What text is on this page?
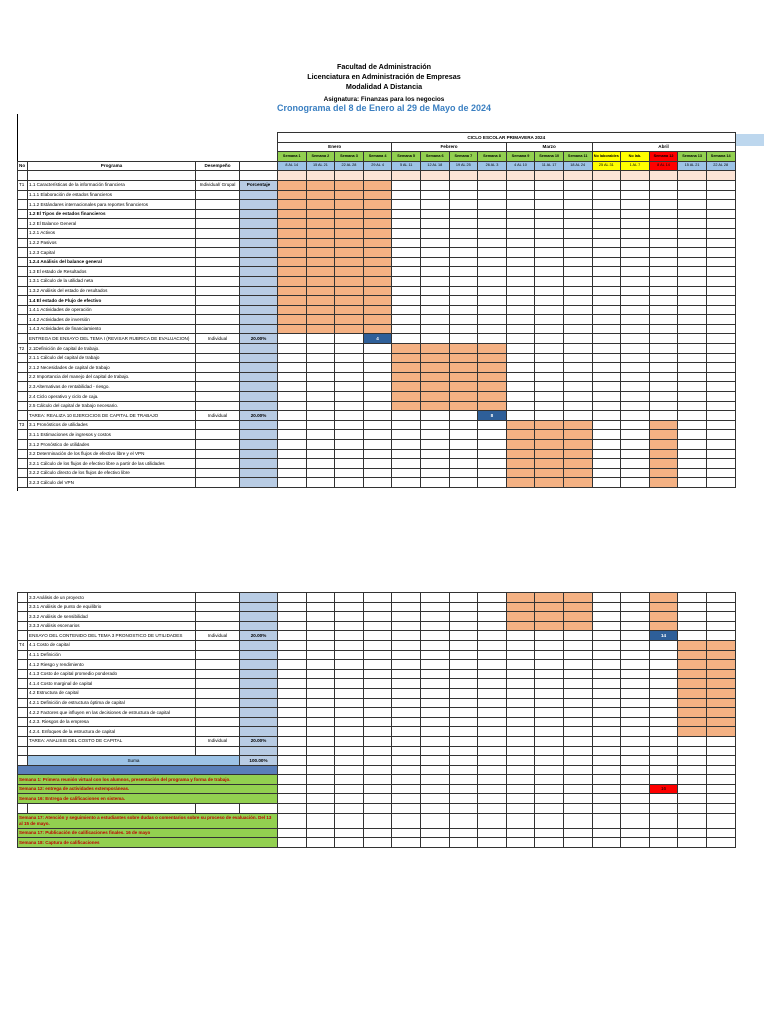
Facultad de Administración
Licenciatura en Administración de Empresas
Modalidad A Distancia
Asignatura: Finanzas para los negocios
Cronograma del 8 de Enero al 29 de Mayo de 2024
				CICLO ESCOLAR PRIMAVERA 2024															
				Enero				Febrero				Marzo			Abril				
				Semana 1	Semana 2	Semana 3	Semana 4	Semana 5	Semana 6	Semana 7	Semana 8	Semana 9	Semana 10	Semana 11	No laborables	No lab.	Semana 12	Semana 13	Semana 14
No	Programa	Desempeño		8 AL 14	15 AL 21	22 AL 28	29 AL 4	5 AL 11	12 AL 18	19 AL 25	26 AL 3	4 AL 10	11 AL 17	18 AL 24	25 AL 31	1 AL 7	8 AL 14	15 AL 21	22 AL 28

T1	1.1 Características de la información financiera	Individual/ Grupal	Porcentaje																
	1.1.1 Elaboración de estados financieros																		
	1.1.2 Estándares internacionales para reportes financieros																		
	1.2 El Tipos de estados financieros																		
	1.2 El Balance General																		
	1.2.1 Activos																		
	1.2.2 Pasivos																		
	1.2.3 Capital																		
	1.2.4 Análisis del balance general																		
	1.3 El estado de Resultados																		
	1.3.1 Cálculo de la utilidad neta																		
	1.3.2 Análisis del estado de resultados																		
	1.4 El estado de Flujo de efectivo																		
	1.4.1 Actividades de operación																		
	1.4.2 Actividades de inversión																		
	1.4.3 Actividades de financiamiento																		
	ENTREGA DE ENSAYO DEL TEMA I (REVISAR RUBRICA DE EVALUACION)	Individual	20.00%				4												
T2	2.1Definición de capital de trabajo.																		
	2.1.1 Cálculo del capital de trabajo																		
	2.1.2 Necesidades de capital de trabajo																		
	2.2 Importancia del manejo del capital de trabajo.																		
	2.3 Alternativas de rentabilidad - riesgo.																		
	2.4 Ciclo operativo y ciclo de caja.																		
	2.5 Cálculo del capital de trabajo necesario.																		
	TAREA: REALIZA 10 EJERCICIOS DE CAPITAL DE TRABAJO	Individual	20.00%								8								
T3	3.1 Pronósticos de utilidades																		
	3.1.1 Estimaciones de ingresos y costos																		
	3.1.2 Pronóstico de utilidades																		
	3.2 Determinación de los flujos de efectivo libre y el VPN																		
	3.2.1 Cálculo de los flujos de efectivo libre a partir de las utilidades																		
	3.2.2 Cálculo directo de los flujos de efectivo libre																		
	3.2.3 Cálculo del VPN																		
	3.3 Análisis de un proyecto																		
	3.3.1 Análisis de punto de equilibrio																		
	3.3.2 Análisis de sensibilidad																		
	3.3.3 Análisis escenarios																		
	ENSAYO DEL CONTENIDO DEL TEMA 3 PRONOSTICO DE UTILIDADES	Individual	20.00%														14		
T4	4.1 Costo de capital																		
	4.1.1 Definición																		
	4.1.2 Riesgo y rendimiento																		
	4.1.3 Costo de capital promedio ponderado																		
	4.1.4 Costo marginal de capital																		
	4.2 Estructura de capital																		
	4.2.1 Definición de estructura óptima de capital																		
	4.2.2 Factores que influyen en las decisiones de estructura de capital																		
	4.2.3. Riesgos de la empresa																		
	4.2.4. Enfoques de la estructura de capital																		
	TAREA: ANALISIS DEL COSTO DE CAPITAL	Individual	20.00%																

	Suma		100.00%																

Semana 1: Primera reunión virtual con los alumnos, presentación del programa y forma de trabajo.																			
Semana 12: entrega de actividades extemporáneas.																	16		
Semana 16: Entrega de calificaciones en sistema.																			

Semana 17: Atención y seguimiento a estudiantes sobre dudas o comentarios sobre su proceso de evaluación. Del 13 al 15 de mayo.																			
Semana 17: Publicación de calificaciones finales. 16 de mayo																			
Semana 18: Captura de calificaciones																			
